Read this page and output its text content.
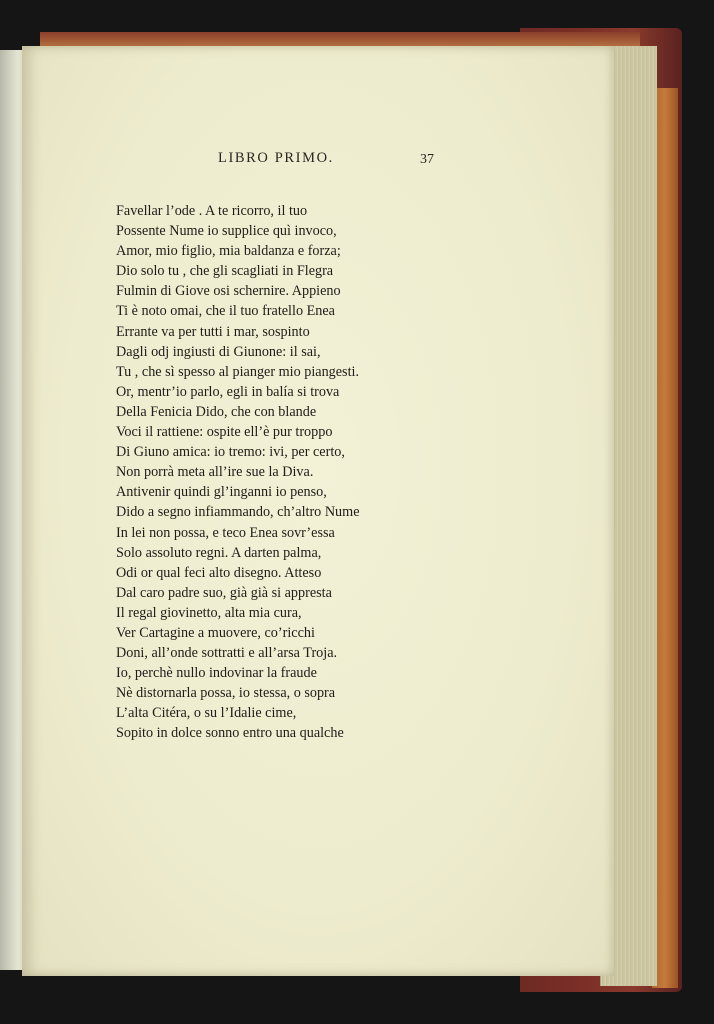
LIBRO PRIMO.	37
Favellar l’ode . A te ricorro, il tuo
Possente Nume io supplice quì invoco,
Amor, mio figlio, mia baldanza e forza;
Dio solo tu , che gli scagliati in Flegra
Fulmin di Giove osi schernire. Appieno
Ti è noto omai, che il tuo fratello Enea
Errante va per tutti i mar, sospinto
Dagli odj ingiusti di Giunone: il sai,
Tu , che sì spesso al pianger mio piangesti.
Or, mentr’io parlo, egli in balía si trova
Della Fenicia Dido, che con blande
Voci il rattiene: ospite ell’è pur troppo
Di Giuno amica: io tremo: ivi, per certo,
Non porrà meta all’ire sue la Diva.
Antivenir quindi gl’inganni io penso,
Dido a segno infiammando, ch’altro Nume
In lei non possa, e teco Enea sovr’essa
Solo assoluto regni. A darten palma,
Odi or qual feci alto disegno. Atteso
Dal caro padre suo, già già si appresta
Il regal giovinetto, alta mia cura,
Ver Cartagine a muovere, co’ricchi
Doni, all’onde sottratti e all’arsa Troja.
Io, perchè nullo indovinar la fraude
Nè distornarla possa, io stessa, o sopra
L’alta Citéra, o su l’Idalie cime,
Sopito in dolce sonno entro una qualche
